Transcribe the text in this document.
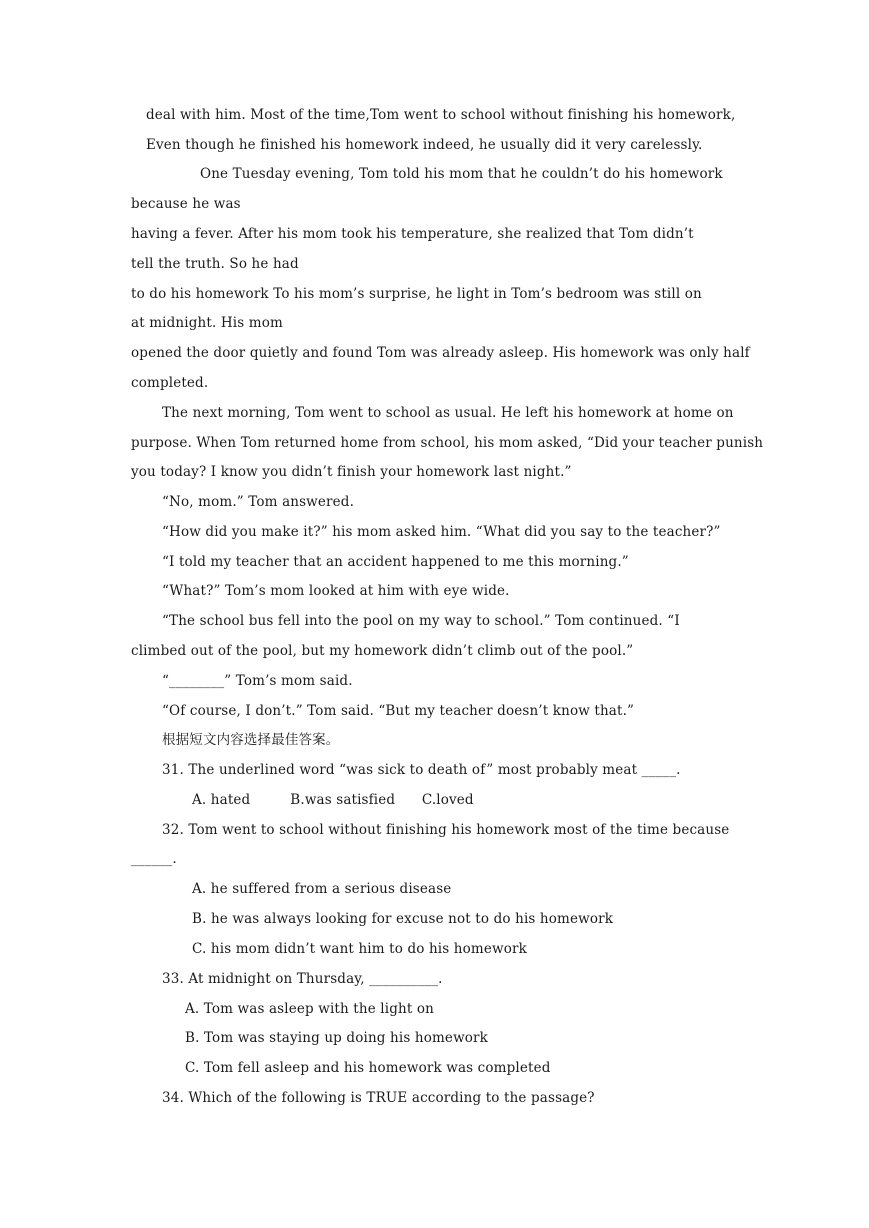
deal with him. Most of the time,Tom went to school without finishing his homework,
Even though he finished his homework indeed, he usually did it very carelessly.
One Tuesday evening, Tom told his mom that he couldn’t do his homework
because he was
having a fever. After his mom took his temperature, she realized that Tom didn’t
tell the truth. So he had
to do his homework To his mom’s surprise, he light in Tom’s bedroom was still on
at midnight. His mom
opened the door quietly and found Tom was already asleep. His homework was only half
completed.
The next morning, Tom went to school as usual. He left his homework at home on
purpose. When Tom returned home from school, his mom asked, “Did your teacher punish
you today? I know you didn’t finish your homework last night.”
“No, mom.” Tom answered.
“How did you make it?” his mom asked him. “What did you say to the teacher?”
“I told my teacher that an accident happened to me this morning.”
“What?” Tom’s mom looked at him with eye wide.
“The school bus fell into the pool on my way to school.” Tom continued. “I
climbed out of the pool, but my homework didn’t climb out of the pool.”
“________” Tom’s mom said.
“Of course, I don’t.” Tom said. “But my teacher doesn’t know that.”
根据短文内容选择最佳答案。
31. The underlined word “was sick to death of” most probably meat _____.
A. hated         B.was satisfied      C.loved
32. Tom went to school without finishing his homework most of the time because
______.
A. he suffered from a serious disease
B. he was always looking for excuse not to do his homework
C. his mom didn’t want him to do his homework
33. At midnight on Thursday, __________.
A. Tom was asleep with the light on
B. Tom was staying up doing his homework
C. Tom fell asleep and his homework was completed
34. Which of the following is TRUE according to the passage?
